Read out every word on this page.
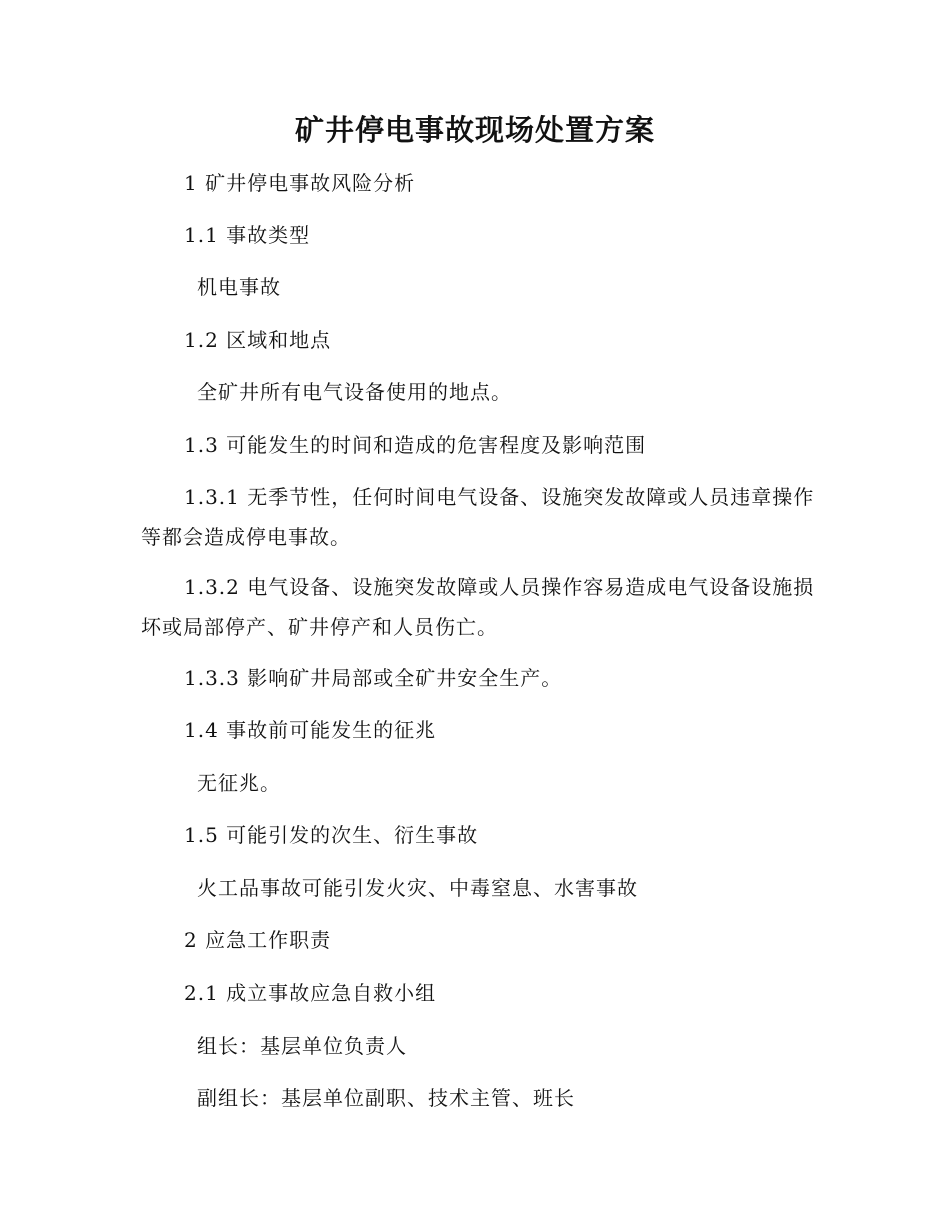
矿井停电事故现场处置方案

1 矿井停电事故风险分析

1.1 事故类型

机电事故

1.2 区域和地点

全矿井所有电气设备使用的地点。

1.3 可能发生的时间和造成的危害程度及影响范围

1.3.1 无季节性，任何时间电气设备、设施突发故障或人员违章操作等都会造成停电事故。

1.3.2 电气设备、设施突发故障或人员操作容易造成电气设备设施损坏或局部停产、矿井停产和人员伤亡。

1.3.3 影响矿井局部或全矿井安全生产。

1.4 事故前可能发生的征兆

无征兆。

1.5 可能引发的次生、衍生事故

火工品事故可能引发火灾、中毒窒息、水害事故

2 应急工作职责

2.1 成立事故应急自救小组

组长：基层单位负责人

副组长：基层单位副职、技术主管、班长
